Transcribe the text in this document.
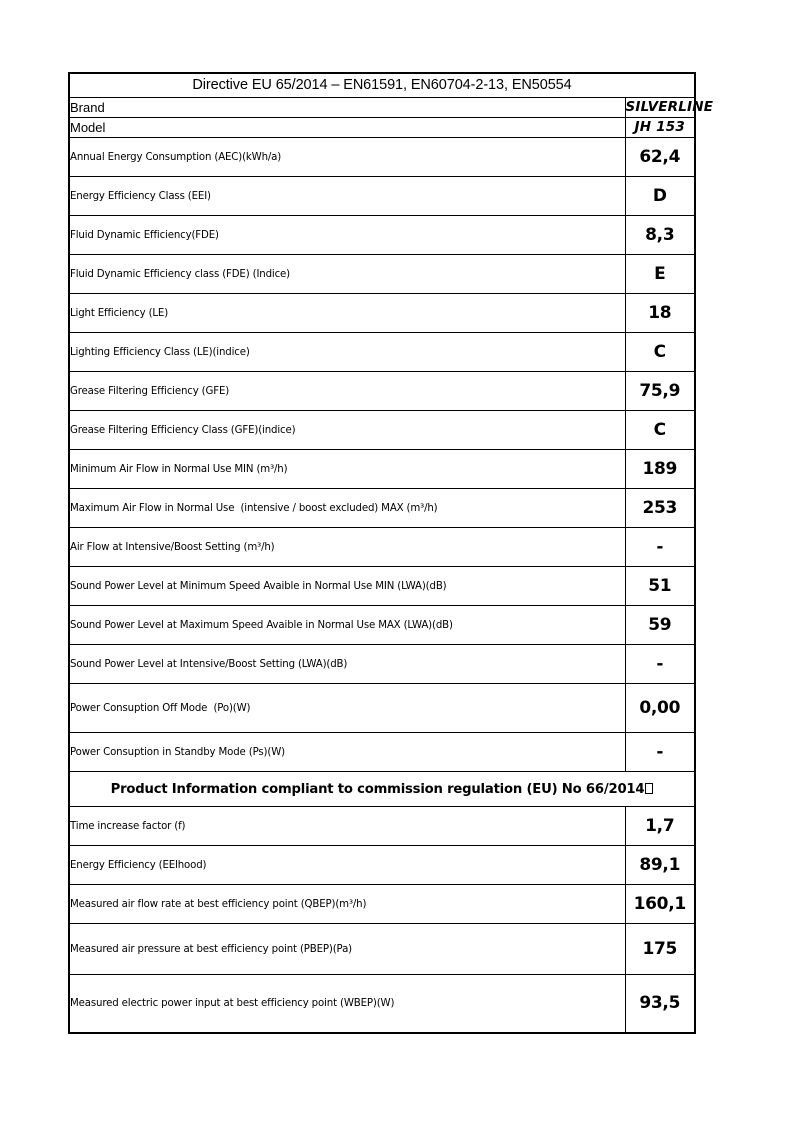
Directive EU 65/2014 – EN61591, EN60704-2-13, EN50554	
Brand	SILVERLINE
Model	JH 153
Annual Energy Consumption (AEC)(kWh/a)	62,4
Energy Efficiency Class (EEI)	D
Fluid Dynamic Efficiency(FDE)	8,3
Fluid Dynamic Efficiency class (FDE) (Indice)	E
Light Efficiency (LE)	18
Lighting Efficiency Class (LE)(indice)	C
Grease Filtering Efficiency (GFE)	75,9
Grease Filtering Efficiency Class (GFE)(indice)	C
Minimum Air Flow in Normal Use MIN (m³/h)	189
Maximum Air Flow in Normal Use  (intensive / boost excluded) MAX (m³/h)	253
Air Flow at Intensive/Boost Setting (m³/h)	-
Sound Power Level at Minimum Speed Avaible in Normal Use MIN (LWA)(dB)	51
Sound Power Level at Maximum Speed Avaible in Normal Use MAX (LWA)(dB)	59
Sound Power Level at Intensive/Boost Setting (LWA)(dB)	-
Power Consuption Off Mode  (Po)(W)	0,00
Power Consuption in Standby Mode (Ps)(W)	-
Product Information compliant to commission regulation (EU) No 66/2014	
Time increase factor (f)	1,7
Energy Efficiency (EElhood)	89,1
Measured air flow rate at best efficiency point (QBEP)(m³/h)	160,1
Measured air pressure at best efficiency point (PBEP)(Pa)	175
Measured electric power input at best efficiency point (WBEP)(W)	93,5
